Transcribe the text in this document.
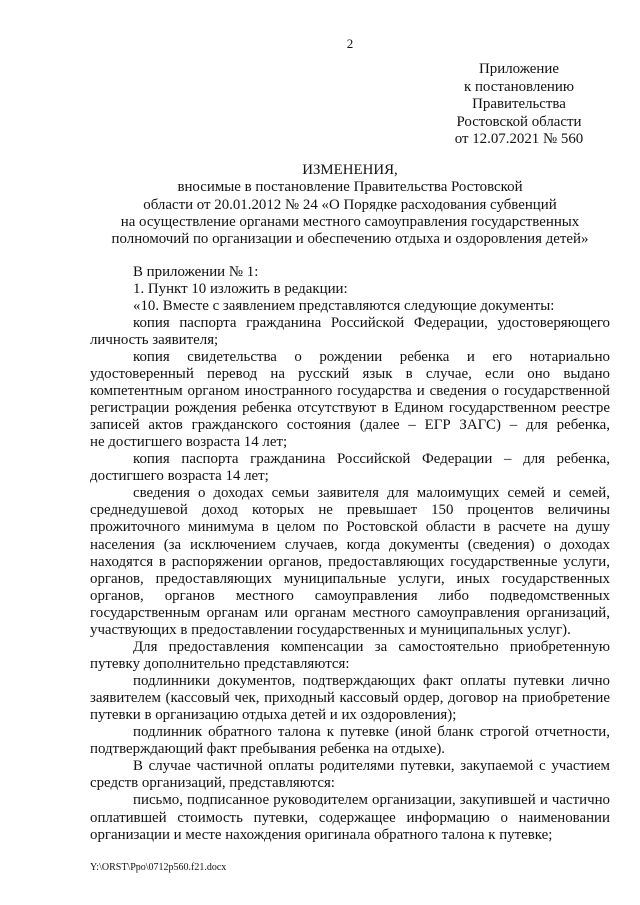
2
Приложение
к постановлению
Правительства
Ростовской области
от 12.07.2021 № 560
ИЗМЕНЕНИЯ,
вносимые в постановление Правительства Ростовской
области от 20.01.2012 № 24 «О Порядке расходования субвенций
на осуществление органами местного самоуправления государственных
полномочий по организации и обеспечению отдыха и оздоровления детей»
В приложении № 1:
1. Пункт 10 изложить в редакции:
«10. Вместе с заявлением представляются следующие документы:
копия паспорта гражданина Российской Федерации, удостоверяющего
личность заявителя;
копия свидетельства о рождении ребенка и его нотариально
удостоверенный перевод на русский язык в случае, если оно выдано
компетентным органом иностранного государства и сведения о государственной
регистрации рождения ребенка отсутствуют в Едином государственном реестре
записей актов гражданского состояния (далее – ЕГР ЗАГС) – для ребенка,
не достигшего возраста 14 лет;
копия паспорта гражданина Российской Федерации – для ребенка,
достигшего возраста 14 лет;
сведения о доходах семьи заявителя для малоимущих семей и семей,
среднедушевой доход которых не превышает 150 процентов величины
прожиточного минимума в целом по Ростовской области в расчете на душу
населения (за исключением случаев, когда документы (сведения) о доходах
находятся в распоряжении органов, предоставляющих государственные услуги,
органов, предоставляющих муниципальные услуги, иных государственных
органов, органов местного самоуправления либо подведомственных
государственным органам или органам местного самоуправления организаций,
участвующих в предоставлении государственных и муниципальных услуг).
Для предоставления компенсации за самостоятельно приобретенную
путевку дополнительно представляются:
подлинники документов, подтверждающих факт оплаты путевки лично
заявителем (кассовый чек, приходный кассовый ордер, договор на приобретение
путевки в организацию отдыха детей и их оздоровления);
подлинник обратного талона к путевке (иной бланк строгой отчетности,
подтверждающий факт пребывания ребенка на отдыхе).
В случае частичной оплаты родителями путевки, закупаемой с участием
средств организаций, представляются:
письмо, подписанное руководителем организации, закупившей и частично
оплатившей стоимость путевки, содержащее информацию о наименовании
организации и месте нахождения оригинала обратного талона к путевке;
Y:\ORST\Ppo\0712p560.f21.docx
